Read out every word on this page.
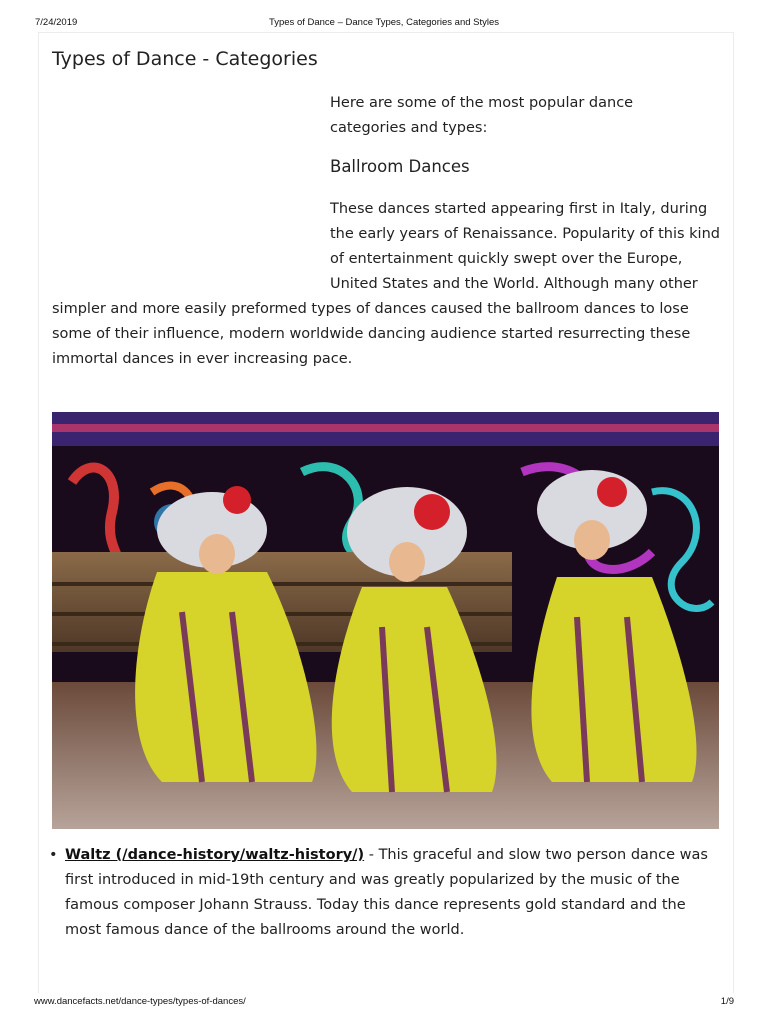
7/24/2019	Types of Dance – Dance Types, Categories and Styles
Types of Dance - Categories

Here are some of the most popular dance categories and types:

Ballroom Dances

These dances started appearing first in Italy, during the early years of Renaissance. Popularity of this kind of entertainment quickly swept over the Europe, United States and the World. Although many other simpler and more easily preformed types of dances caused the ballroom dances to lose some of their influence, modern worldwide dancing audience started resurrecting these immortal dances in ever increasing pace.

• Waltz (/dance-history/waltz-history/) - This graceful and slow two person dance was first introduced in mid-19th century and was greatly popularized by the music of the famous composer Johann Strauss. Today this dance represents gold standard and the most famous dance of the ballrooms around the world.
www.dancefacts.net/dance-types/types-of-dances/	1/9
